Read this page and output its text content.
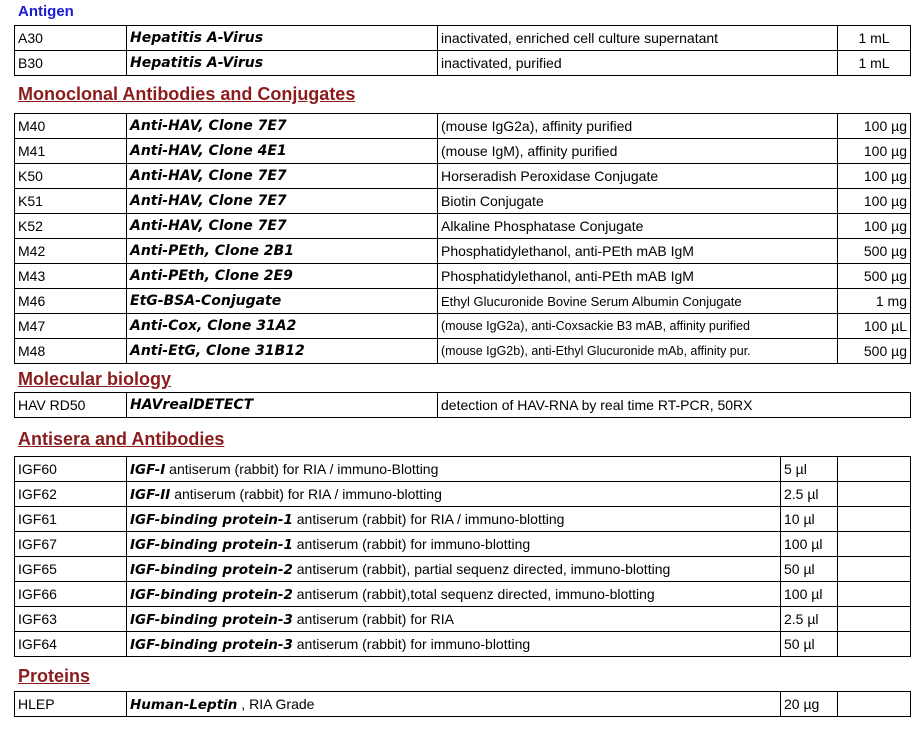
Antigen
A30	Hepatitis A-Virus	inactivated, enriched cell culture supernatant	1 mL
B30	Hepatitis A-Virus	inactivated, purified	1 mL
Monoclonal Antibodies and Conjugates
M40	Anti-HAV, Clone 7E7	(mouse IgG2a), affinity purified	100 µg
M41	Anti-HAV, Clone 4E1	(mouse IgM), affinity purified	100 µg
K50	Anti-HAV, Clone 7E7	Horseradish Peroxidase Conjugate	100 µg
K51	Anti-HAV, Clone 7E7	Biotin Conjugate	100 µg
K52	Anti-HAV, Clone 7E7	Alkaline Phosphatase Conjugate	100 µg
M42	Anti-PEth, Clone 2B1	Phosphatidylethanol, anti-PEth mAB IgM	500 µg
M43	Anti-PEth, Clone 2E9	Phosphatidylethanol, anti-PEth mAB IgM	500 µg
M46	EtG-BSA-Conjugate	Ethyl Glucuronide Bovine Serum Albumin Conjugate	1 mg
M47	Anti-Cox, Clone 31A2	(mouse IgG2a), anti-Coxsackie B3 mAB, affinity purified	100 µL
M48	Anti-EtG, Clone 31B12	(mouse IgG2b), anti-Ethyl Glucuronide mAb, affinity pur.	500 µg
Molecular biology
HAV RD50	HAVrealDETECT	detection of HAV-RNA by real time RT-PCR, 50RX
Antisera and Antibodies
IGF60	IGF-I antiserum (rabbit) for RIA / immuno-Blotting	5 µl	
IGF62	IGF-II antiserum (rabbit) for RIA / immuno-blotting	2.5 µl	
IGF61	IGF-binding protein-1 antiserum (rabbit) for RIA / immuno-blotting	10 µl	
IGF67	IGF-binding protein-1 antiserum (rabbit) for immuno-blotting	100 µl	
IGF65	IGF-binding protein-2 antiserum (rabbit), partial sequenz directed, immuno-blotting	50 µl	
IGF66	IGF-binding protein-2 antiserum (rabbit),total sequenz directed, immuno-blotting	100 µl	
IGF63	IGF-binding protein-3 antiserum (rabbit) for RIA	2.5 µl	
IGF64	IGF-binding protein-3 antiserum (rabbit) for immuno-blotting	50 µl	
Proteins
HLEP	Human-Leptin , RIA Grade	20 µg	
